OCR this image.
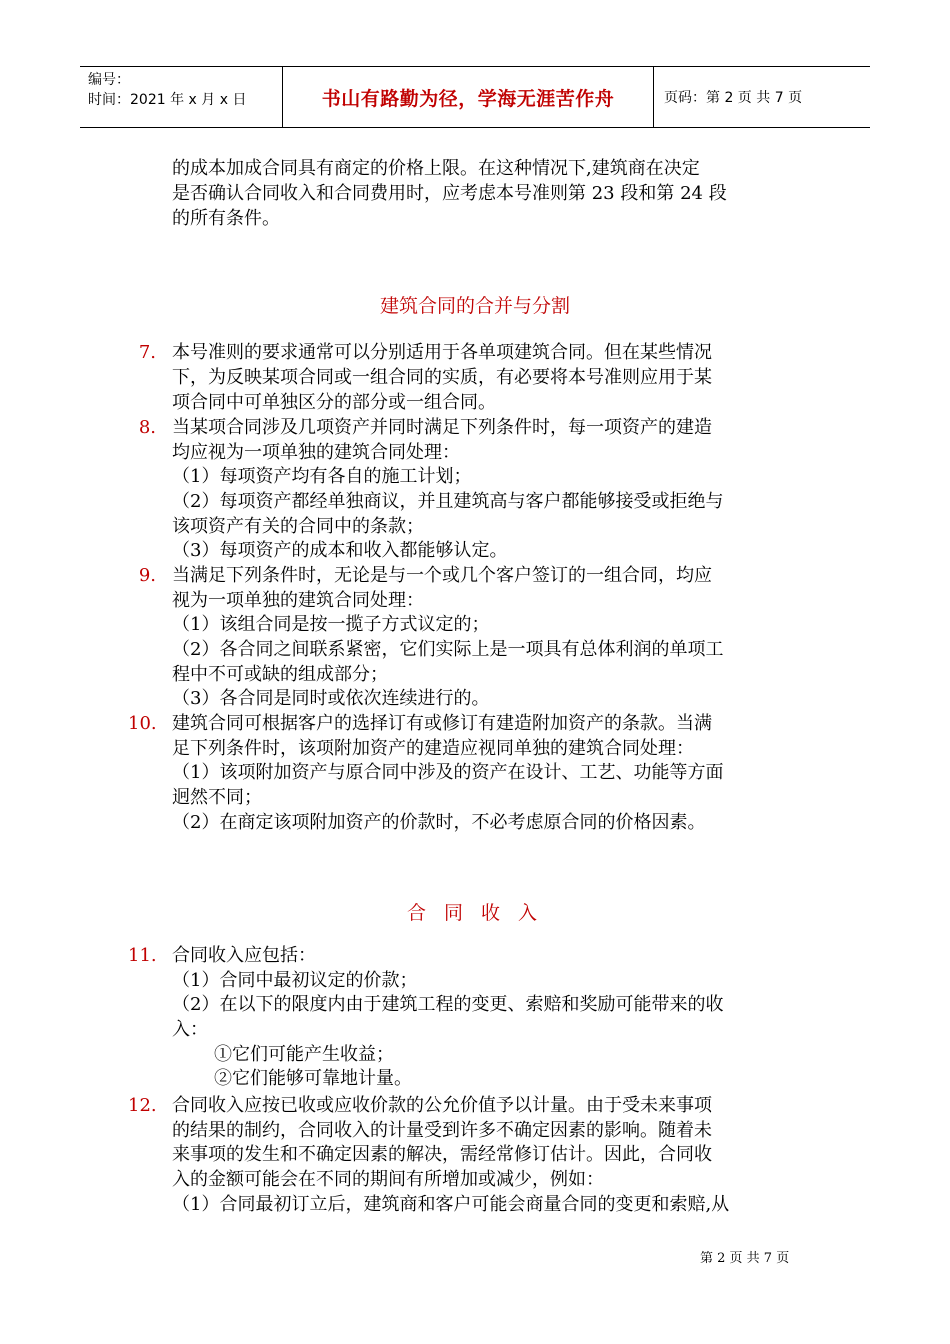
编号：
时间：2021 年 x 月 x 日	书山有路勤为径，学海无涯苦作舟	页码：第 2 页 共 7 页
的成本加成合同具有商定的价格上限。在这种情况下,建筑商在决定
是否确认合同收入和合同费用时，应考虑本号准则第 23 段和第 24 段
的所有条件。
建筑合同的合并与分割
7. 本号准则的要求通常可以分别适用于各单项建筑合同。但在某些情况
下，为反映某项合同或一组合同的实质，有必要将本号准则应用于某
项合同中可单独区分的部分或一组合同。
8. 当某项合同涉及几项资产并同时满足下列条件时，每一项资产的建造
均应视为一项单独的建筑合同处理：
（1）每项资产均有各自的施工计划；
（2）每项资产都经单独商议，并且建筑高与客户都能够接受或拒绝与
该项资产有关的合同中的条款；
（3）每项资产的成本和收入都能够认定。
9. 当满足下列条件时，无论是与一个或几个客户签订的一组合同，均应
视为一项单独的建筑合同处理：
（1）该组合同是按一揽子方式议定的；
（2）各合同之间联系紧密，它们实际上是一项具有总体利润的单项工
程中不可或缺的组成部分；
（3）各合同是同时或依次连续进行的。
10. 建筑合同可根据客户的选择订有或修订有建造附加资产的条款。当满
足下列条件时，该项附加资产的建造应视同单独的建筑合同处理：
（1）该项附加资产与原合同中涉及的资产在设计、工艺、功能等方面
迥然不同；
（2）在商定该项附加资产的价款时，不必考虑原合同的价格因素。
合 同 收 入
11. 合同收入应包括：
（1）合同中最初议定的价款；
（2）在以下的限度内由于建筑工程的变更、索赔和奖励可能带来的收
入：
①它们可能产生收益；
②它们能够可靠地计量。
12. 合同收入应按已收或应收价款的公允价值予以计量。由于受未来事项
的结果的制约，合同收入的计量受到许多不确定因素的影响。随着未
来事项的发生和不确定因素的解决，需经常修订估计。因此，合同收
入的金额可能会在不同的期间有所增加或减少，例如：
（1）合同最初订立后，建筑商和客户可能会商量合同的变更和索赔,从
第 2 页 共 7 页
